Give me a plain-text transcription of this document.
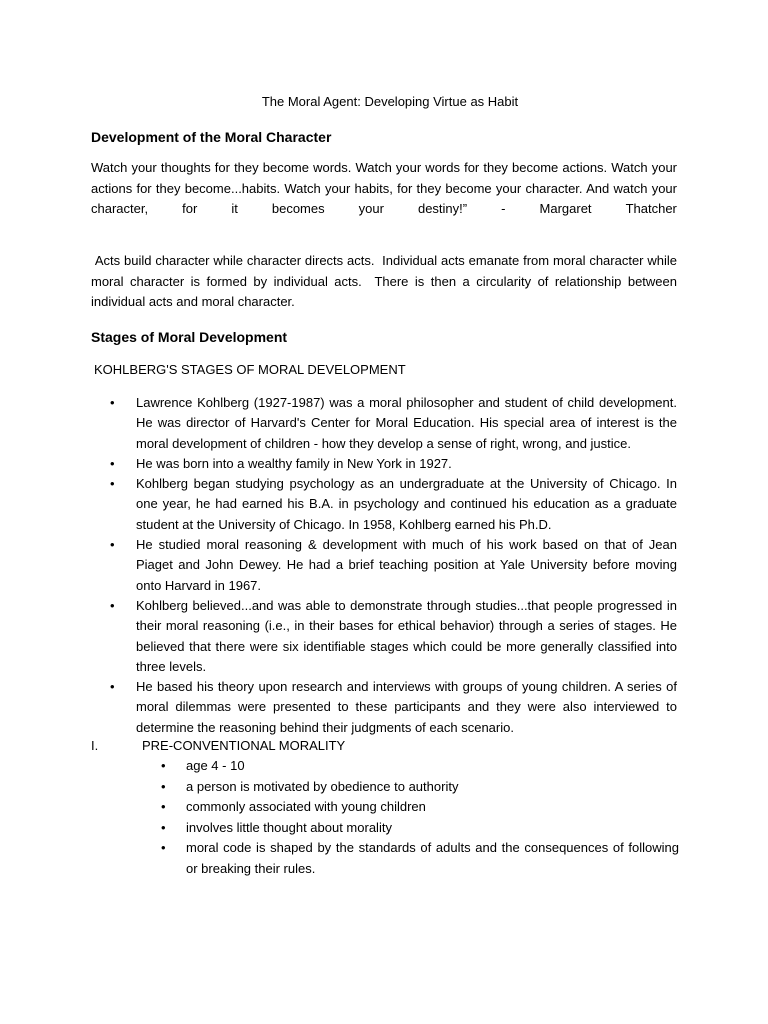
The Moral Agent: Developing Virtue as Habit
Development of the Moral Character
Watch your thoughts for they become words. Watch your words for they become actions. Watch your
actions for they become...habits. Watch your habits, for they become your character. And watch your
character,	for	it	becomes	your	destiny!”	-	Margaret	Thatcher

Acts build character while character directs acts.  Individual acts emanate from moral character while moral character is formed by individual acts.  There is then a circularity of relationship between individual acts and moral character.

Stages of Moral Development
KOHLBERG'S STAGES OF MORAL DEVELOPMENT
• Lawrence Kohlberg (1927-1987) was a moral philosopher and student of child development. He was director of Harvard's Center for Moral Education. His special area of interest is the moral development of children - how they develop a sense of right, wrong, and justice.
• He was born into a wealthy family in New York in 1927.
• Kohlberg began studying psychology as an undergraduate at the University of Chicago. In one year, he had earned his B.A. in psychology and continued his education as a graduate student at the University of Chicago. In 1958, Kohlberg earned his Ph.D.
• He studied moral reasoning & development with much of his work based on that of Jean Piaget and John Dewey. He had a brief teaching position at Yale University before moving onto Harvard in 1967.
• Kohlberg believed...and was able to demonstrate through studies...that people progressed in their moral reasoning (i.e., in their bases for ethical behavior) through a series of stages. He believed that there were six identifiable stages which could be more generally classified into three levels.
• He based his theory upon research and interviews with groups of young children. A series of moral dilemmas were presented to these participants and they were also interviewed to determine the reasoning behind their judgments of each scenario.
I.	PRE-CONVENTIONAL MORALITY
• age 4 - 10
• a person is motivated by obedience to authority
• commonly associated with young children
• involves little thought about morality
• moral code is shaped by the standards of adults and the consequences of following or breaking their rules.
